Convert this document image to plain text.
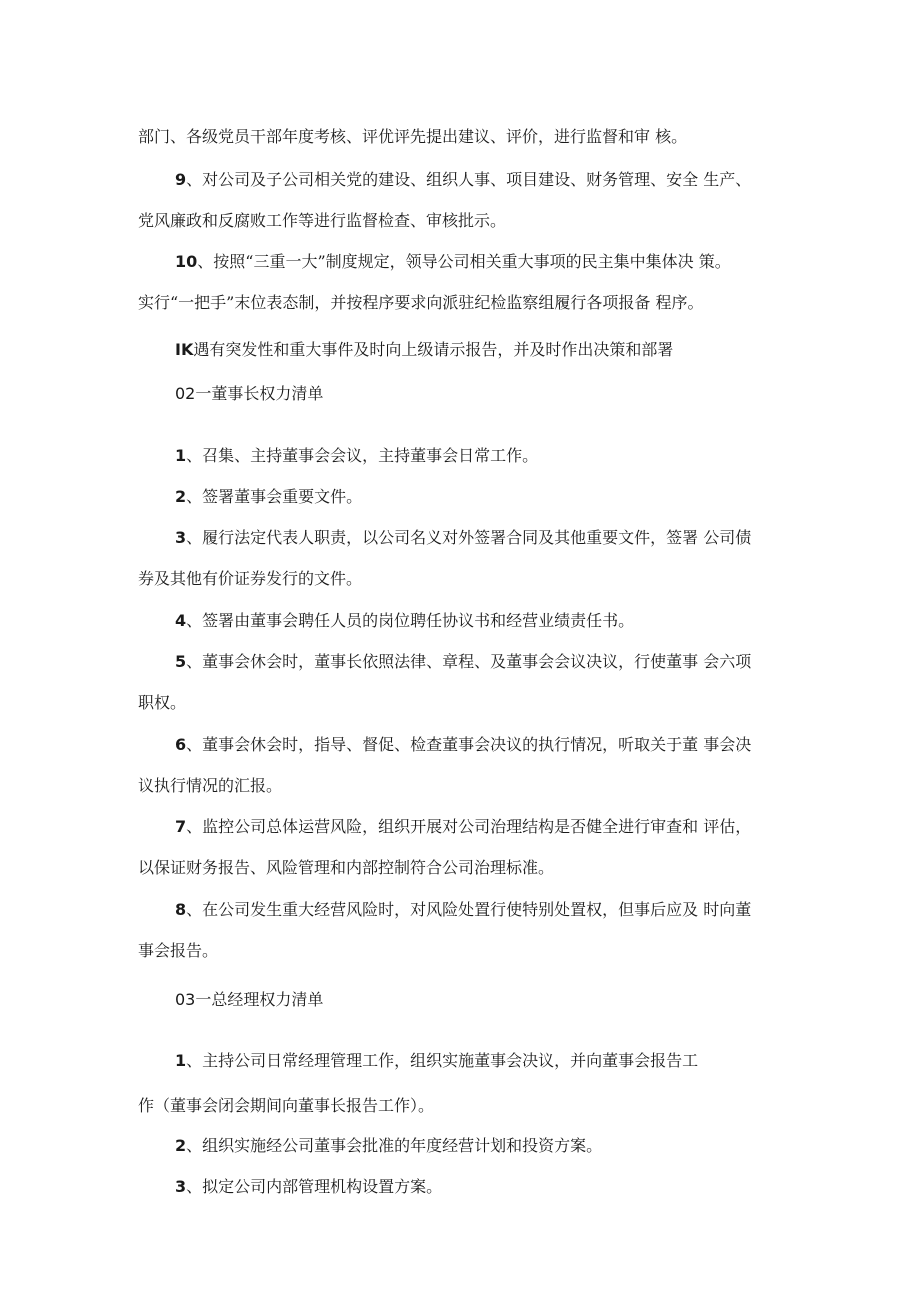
部门、各级党员干部年度考核、评优评先提出建议、评价，进行监督和审 核。
9、对公司及子公司相关党的建设、组织人事、项目建设、财务管理、安全 生产、
党风廉政和反腐败工作等进行监督检查、审核批示。
10、按照“三重一大”制度规定，领导公司相关重大事项的民主集中集体决 策。
实行“一把手”末位表态制，并按程序要求向派驻纪检监察组履行各项报备 程序。
IK遇有突发性和重大事件及时向上级请示报告，并及时作出决策和部署
02一董事长权力清单
1、召集、主持董事会会议，主持董事会日常工作。
2、签署董事会重要文件。
3、履行法定代表人职责，以公司名义对外签署合同及其他重要文件，签署 公司债
券及其他有价证券发行的文件。
4、签署由董事会聘任人员的岗位聘任协议书和经营业绩责任书。
5、董事会休会时，董事长依照法律、章程、及董事会会议决议，行使董事 会六项
职权。
6、董事会休会时，指导、督促、检查董事会决议的执行情况，听取关于董 事会决
议执行情况的汇报。
7、监控公司总体运营风险，组织开展对公司治理结构是否健全进行审查和 评估，
以保证财务报告、风险管理和内部控制符合公司治理标准。
8、在公司发生重大经营风险时，对风险处置行使特别处置权，但事后应及 时向董
事会报告。
03一总经理权力清单
1、主持公司日常经理管理工作，组织实施董事会决议，并向董事会报告工
作（董事会闭会期间向董事长报告工作）。
2、组织实施经公司董事会批准的年度经营计划和投资方案。
3、拟定公司内部管理机构设置方案。
